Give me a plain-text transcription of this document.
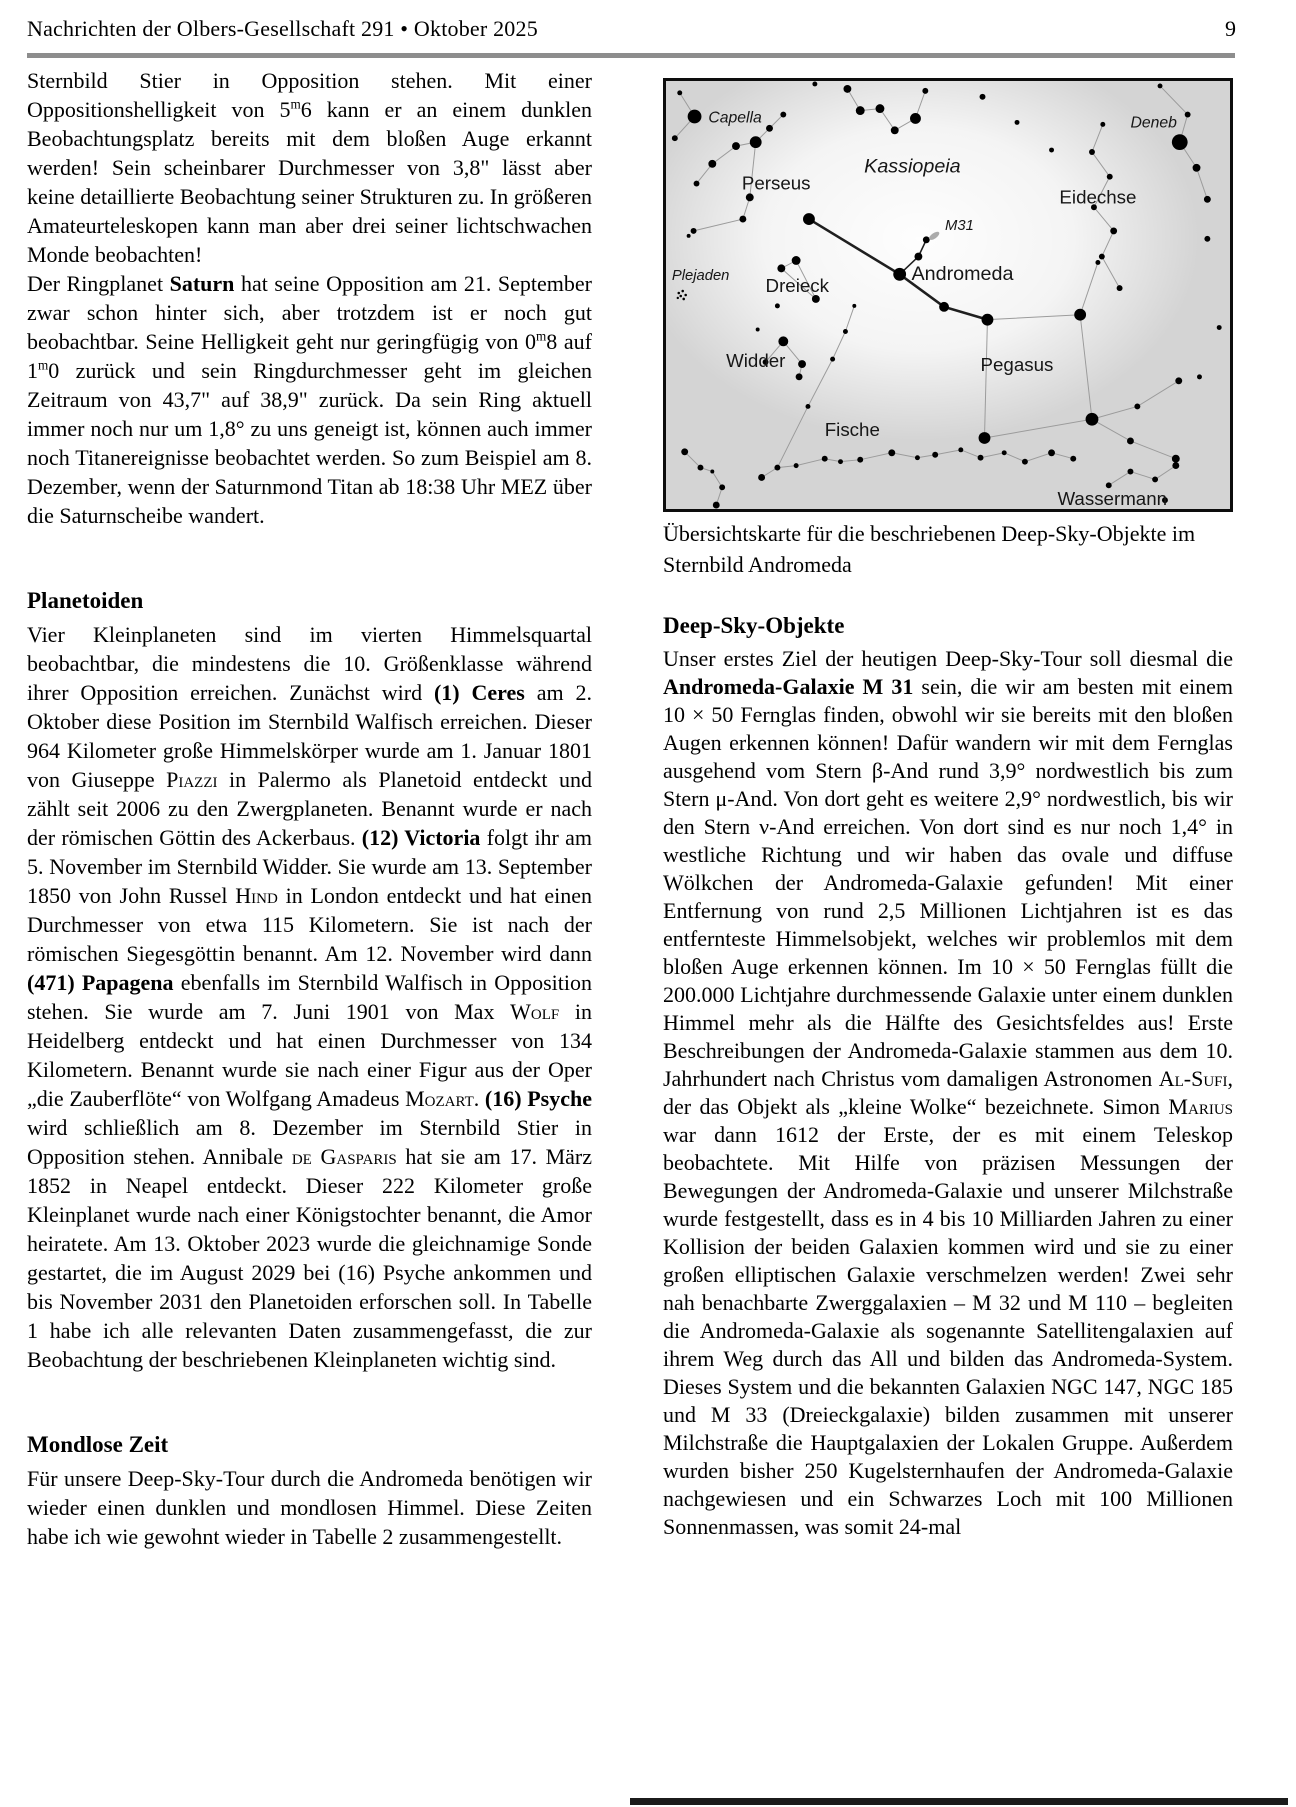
Nachrichten der Olbers-Gesellschaft 291 • Oktober 2025	9
Sternbild Stier in Opposition stehen. Mit einer Oppositionshelligkeit von 5$^m$6 kann er an einem dunklen Beobachtungsplatz bereits mit dem bloßen Auge erkannt werden! Sein scheinbarer Durchmesser von 3,8" lässt aber keine detaillierte Beobachtung seiner Strukturen zu. In größeren Amateurteleskopen kann man aber drei seiner lichtschwachen Monde beobachten!
Der Ringplanet Saturn hat seine Opposition am 21. September zwar schon hinter sich, aber trotzdem ist er noch gut beobachtbar. Seine Helligkeit geht nur geringfügig von 0$^m$8 auf 1$^m$0 zurück und sein Ringdurchmesser geht im gleichen Zeitraum von 43,7" auf 38,9" zurück. Da sein Ring aktuell immer noch nur um 1,8° zu uns geneigt ist, können auch immer noch Titanereignisse beobachtet werden. So zum Beispiel am 8. Dezember, wenn der Saturnmond Titan ab 18:38 Uhr MEZ über die Saturnscheibe wandert.
Planetoiden
Vier Kleinplaneten sind im vierten Himmelsquartal beobachtbar, die mindestens die 10. Größenklasse während ihrer Opposition erreichen. Zunächst wird (1) Ceres am 2. Oktober diese Position im Sternbild Walfisch erreichen. Dieser 964 Kilometer große Himmelskörper wurde am 1. Januar 1801 von Giuseppe Piazzi in Palermo als Planetoid entdeckt und zählt seit 2006 zu den Zwergplaneten. Benannt wurde er nach der römischen Göttin des Ackerbaus. (12) Victoria folgt ihr am 5. November im Sternbild Widder. Sie wurde am 13. September 1850 von John Russel Hind in London entdeckt und hat einen Durchmesser von etwa 115 Kilometern. Sie ist nach der römischen Siegesgöttin benannt. Am 12. November wird dann (471) Papagena ebenfalls im Sternbild Walfisch in Opposition stehen. Sie wurde am 7. Juni 1901 von Max Wolf in Heidelberg entdeckt und hat einen Durchmesser von 134 Kilometern. Benannt wurde sie nach einer Figur aus der Oper „die Zauberflöte“ von Wolfgang Amadeus Mozart. (16) Psyche wird schließlich am 8. Dezember im Sternbild Stier in Opposition stehen. Annibale de Gasparis hat sie am 17. März 1852 in Neapel entdeckt. Dieser 222 Kilometer große Kleinplanet wurde nach einer Königstochter benannt, die Amor heiratete. Am 13. Oktober 2023 wurde die gleichnamige Sonde gestartet, die im August 2029 bei (16) Psyche ankommen und bis November 2031 den Planetoiden erforschen soll. In Tabelle 1 habe ich alle relevanten Daten zusammengefasst, die zur Beobachtung der beschriebenen Kleinplaneten wichtig sind.
Mondlose Zeit
Für unsere Deep-Sky-Tour durch die Andromeda benötigen wir wieder einen dunklen und mondlosen Himmel. Diese Zeiten habe ich wie gewohnt wieder in Tabelle 2 zusammengestellt.
Capella
Perseus
Kassiopeia
Deneb
Eidechse
M31
Plejaden Dreieck
Andromeda
Widder	Pegasus
Fische
Wassermann
Übersichtskarte für die beschriebenen Deep-Sky-Objekte im Sternbild Andromeda
Deep-Sky-Objekte
Unser erstes Ziel der heutigen Deep-Sky-Tour soll diesmal die Andromeda-Galaxie M 31 sein, die wir am besten mit einem 10 × 50 Fernglas finden, obwohl wir sie bereits mit den bloßen Augen erkennen können! Dafür wandern wir mit dem Fernglas ausgehend vom Stern β-And rund 3,9° nordwestlich bis zum Stern μ-And. Von dort geht es weitere 2,9° nordwestlich, bis wir den Stern ν-And erreichen. Von dort sind es nur noch 1,4° in westliche Richtung und wir haben das ovale und diffuse Wölkchen der Andromeda-Galaxie gefunden! Mit einer Entfernung von rund 2,5 Millionen Lichtjahren ist es das entfernteste Himmelsobjekt, welches wir problemlos mit dem bloßen Auge erkennen können. Im 10 × 50 Fernglas füllt die 200.000 Lichtjahre durchmessende Galaxie unter einem dunklen Himmel mehr als die Hälfte des Gesichtsfeldes aus! Erste Beschreibungen der Andromeda-Galaxie stammen aus dem 10. Jahrhundert nach Christus vom damaligen Astronomen Al-Sufi, der das Objekt als „kleine Wolke“ bezeichnete. Simon Marius war dann 1612 der Erste, der es mit einem Teleskop beobachtete. Mit Hilfe von präzisen Messungen der Bewegungen der Andromeda-Galaxie und unserer Milchstraße wurde festgestellt, dass es in 4 bis 10 Milliarden Jahren zu einer Kollision der beiden Galaxien kommen wird und sie zu einer großen elliptischen Galaxie verschmelzen werden! Zwei sehr nah benachbarte Zwerggalaxien – M 32 und M 110 – begleiten die Andromeda-Galaxie als sogenannte Satellitengalaxien auf ihrem Weg durch das All und bilden das Andromeda-System. Dieses System und die bekannten Galaxien NGC 147, NGC 185 und M 33 (Dreieckgalaxie) bilden zusammen mit unserer Milchstraße die Hauptgalaxien der Lokalen Gruppe. Außerdem wurden bisher 250 Kugelsternhaufen der Andromeda-Galaxie nachgewiesen und ein Schwarzes Loch mit 100 Millionen Sonnenmassen, was somit 24-mal
